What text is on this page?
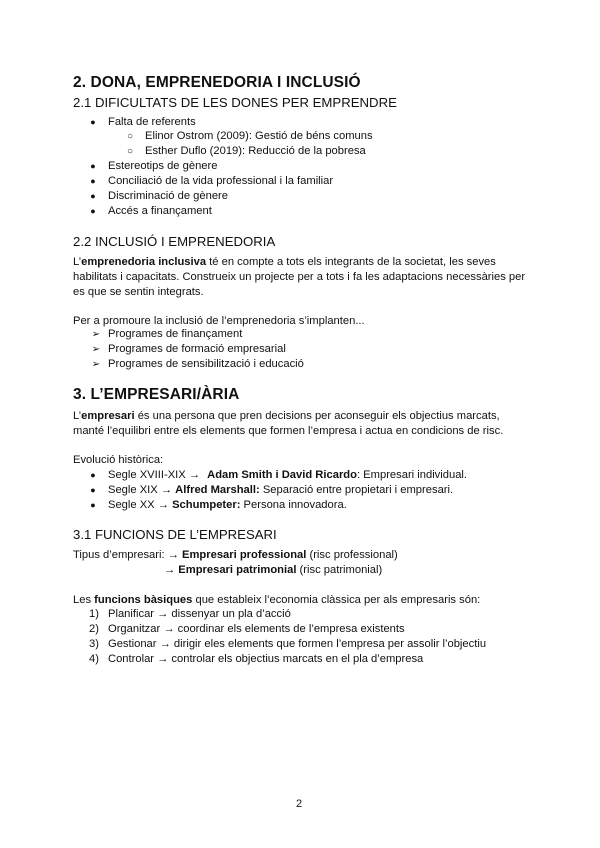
2. DONA, EMPRENEDORIA I INCLUSIÓ
2.1 DIFICULTATS DE LES DONES PER EMPRENDRE
● Falta de referents
○ Elinor Ostrom (2009): Gestió de béns comuns
○ Esther Duflo (2019): Reducció de la pobresa
● Estereotips de gènere
● Conciliació de la vida professional i la familiar
● Discriminació de gènere
● Accés a finançament
2.2 INCLUSIÓ I EMPRENEDORIA
L’emprenedoria inclusiva té en compte a tots els integrants de la societat, les seves
habilitats i capacitats. Construeix un projecte per a tots i fa les adaptacions necessàries per
es que se sentin integrats.
Per a promoure la inclusió de l’emprenedoria s’implanten...
➢ Programes de finançament
➢ Programes de formació empresarial
➢ Programes de sensibilització i educació
3. L’EMPRESARI/ÀRIA
L’empresari és una persona que pren decisions per aconseguir els objectius marcats,
manté l’equilibri entre els elements que formen l’empresa i actua en condicions de risc.
Evolució històrica:
● Segle XVIII-XIX → Adam Smith i David Ricardo: Empresari individual.
● Segle XIX → Alfred Marshall: Separació entre propietari i empresari.
● Segle XX → Schumpeter: Persona innovadora.
3.1 FUNCIONS DE L’EMPRESARI
Tipus d’empresari: → Empresari professional (risc professional)
→ Empresari patrimonial (risc patrimonial)
Les funcions bàsiques que estableix l’economia clàssica per als empresaris són:
1) Planificar → dissenyar un pla d’acció
2) Organitzar → coordinar els elements de l’empresa existents
3) Gestionar → dirigir eles elements que formen l’empresa per assolir l’objectiu
4) Controlar → controlar els objectius marcats en el pla d’empresa
2
